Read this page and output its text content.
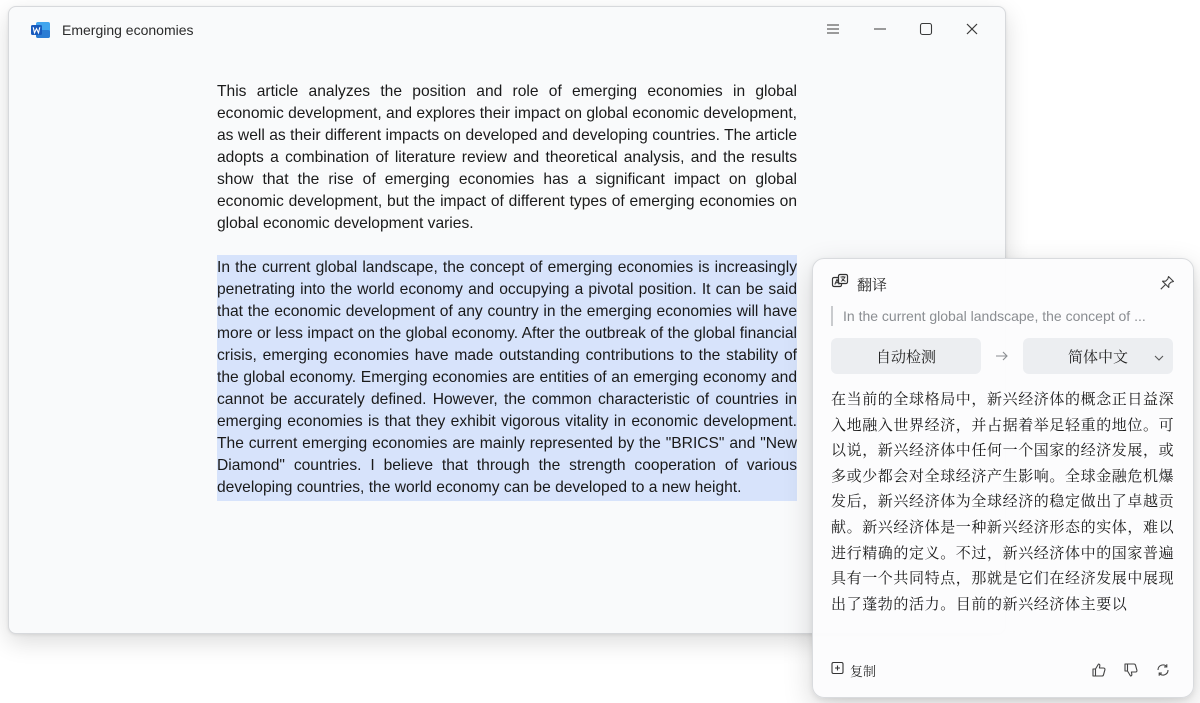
Emerging economies

This article analyzes the position and role of emerging economies in global economic development, and explores their impact on global economic development, as well as their different impacts on developed and developing countries. The article adopts a combination of literature review and theoretical analysis, and the results show that the rise of emerging economies has a significant impact on global economic development, but the impact of different types of emerging economies on global economic development varies.

In the current global landscape, the concept of emerging economies is increasingly penetrating into the world economy and occupying a pivotal position. It can be said that the economic development of any country in the emerging economies will have more or less impact on the global economy. After the outbreak of the global financial crisis, emerging economies have made outstanding contributions to the stability of the global economy. Emerging economies are entities of an emerging economy and cannot be accurately defined. However, the common characteristic of countries in emerging economies is that they exhibit vigorous vitality in economic development. The current emerging economies are mainly represented by the "BRICS" and "New Diamond" countries. I believe that through the strength cooperation of various developing countries, the world economy can be developed to a new height.

翻译
In the current global landscape, the concept of ...
自动检测	简体中文
在当前的全球格局中，新兴经济体的概念正日益深入地融入世界经济，并占据着举足轻重的地位。可以说，新兴经济体中任何一个国家的经济发展，或多或少都会对全球经济产生影响。全球金融危机爆发后，新兴经济体为全球经济的稳定做出了卓越贡献。新兴经济体是一种新兴经济形态的实体，难以进行精确的定义。不过，新兴经济体中的国家普遍具有一个共同特点，那就是它们在经济发展中展现出了蓬勃的活力。目前的新兴经济体主要以
复制
